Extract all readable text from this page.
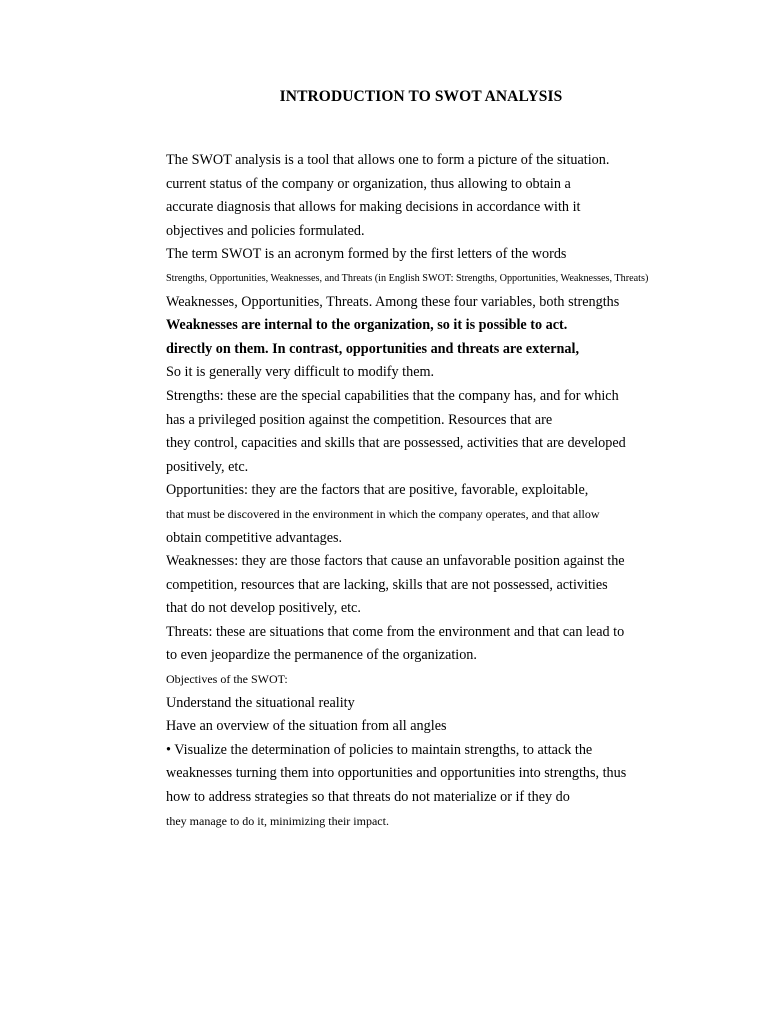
INTRODUCTION TO SWOT ANALYSIS
The SWOT analysis is a tool that allows one to form a picture of the situation.
current status of the company or organization, thus allowing to obtain a
accurate diagnosis that allows for making decisions in accordance with it
objectives and policies formulated.
The term SWOT is an acronym formed by the first letters of the words
Strengths, Opportunities, Weaknesses, and Threats (in English SWOT: Strengths, Opportunities, Weaknesses, Threats)
Weaknesses, Opportunities, Threats. Among these four variables, both strengths
Weaknesses are internal to the organization, so it is possible to act.
directly on them. In contrast, opportunities and threats are external,
So it is generally very difficult to modify them.
Strengths: these are the special capabilities that the company has, and for which
has a privileged position against the competition. Resources that are
they control, capacities and skills that are possessed, activities that are developed
positively, etc.
Opportunities: they are the factors that are positive, favorable, exploitable,
that must be discovered in the environment in which the company operates, and that allow
obtain competitive advantages.
Weaknesses: they are those factors that cause an unfavorable position against the
competition, resources that are lacking, skills that are not possessed, activities
that do not develop positively, etc.
Threats: these are situations that come from the environment and that can lead to
to even jeopardize the permanence of the organization.
Objectives of the SWOT:
Understand the situational reality
Have an overview of the situation from all angles
• Visualize the determination of policies to maintain strengths, to attack the
weaknesses turning them into opportunities and opportunities into strengths, thus
how to address strategies so that threats do not materialize or if they do
they manage to do it, minimizing their impact.
